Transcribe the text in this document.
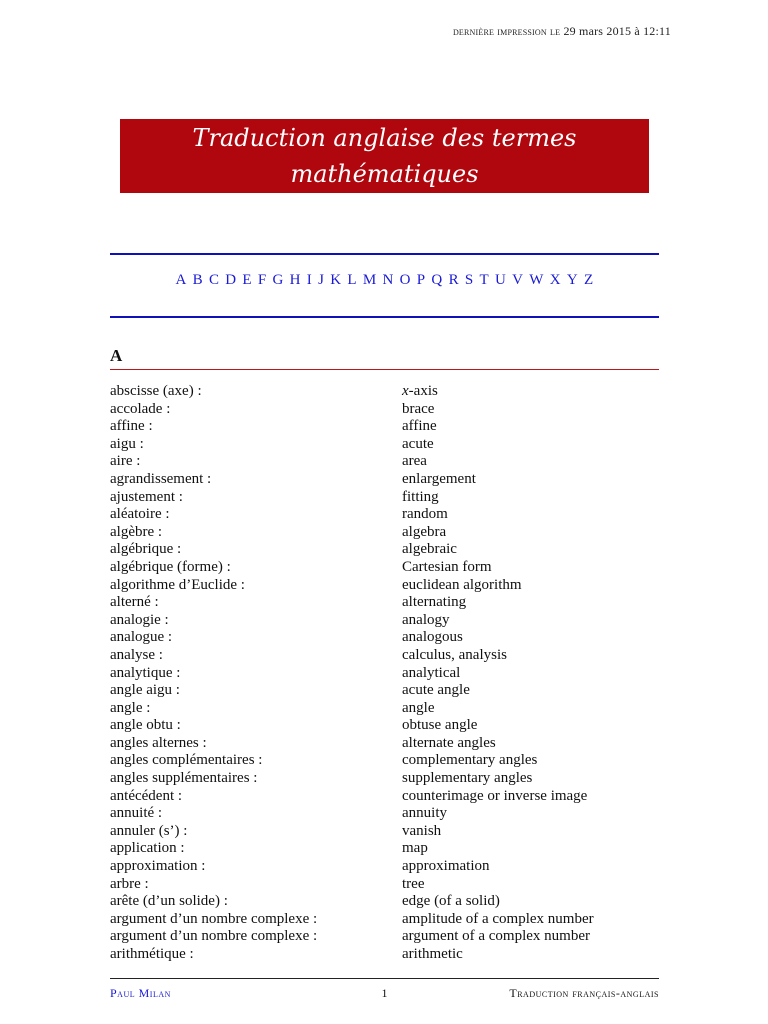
dernière impression le 29 mars 2015 à 12:11
Traduction anglaise des termes
mathématiques
A B C D E F G H I J K L M N O P Q R S T U V W X Y Z
A
abscisse (axe) :	x-axis
accolade :	brace
affine :	affine
aigu :	acute
aire :	area
agrandissement :	enlargement
ajustement :	fitting
aléatoire :	random
algèbre :	algebra
algébrique :	algebraic
algébrique (forme) :	Cartesian form
algorithme d’Euclide :	euclidean algorithm
alterné :	alternating
analogie :	analogy
analogue :	analogous
analyse :	calculus, analysis
analytique :	analytical
angle aigu :	acute angle
angle :	angle
angle obtu :	obtuse angle
angles alternes :	alternate angles
angles complémentaires :	complementary angles
angles supplémentaires :	supplementary angles
antécédent :	counterimage or inverse image
annuité :	annuity
annuler (s’) :	vanish
application :	map
approximation :	approximation
arbre :	tree
arête (d’un solide) :	edge (of a solid)
argument d’un nombre complexe :	amplitude of a complex number
argument d’un nombre complexe :	argument of a complex number
arithmétique :	arithmetic
Paul Milan	1	Traduction français-anglais
